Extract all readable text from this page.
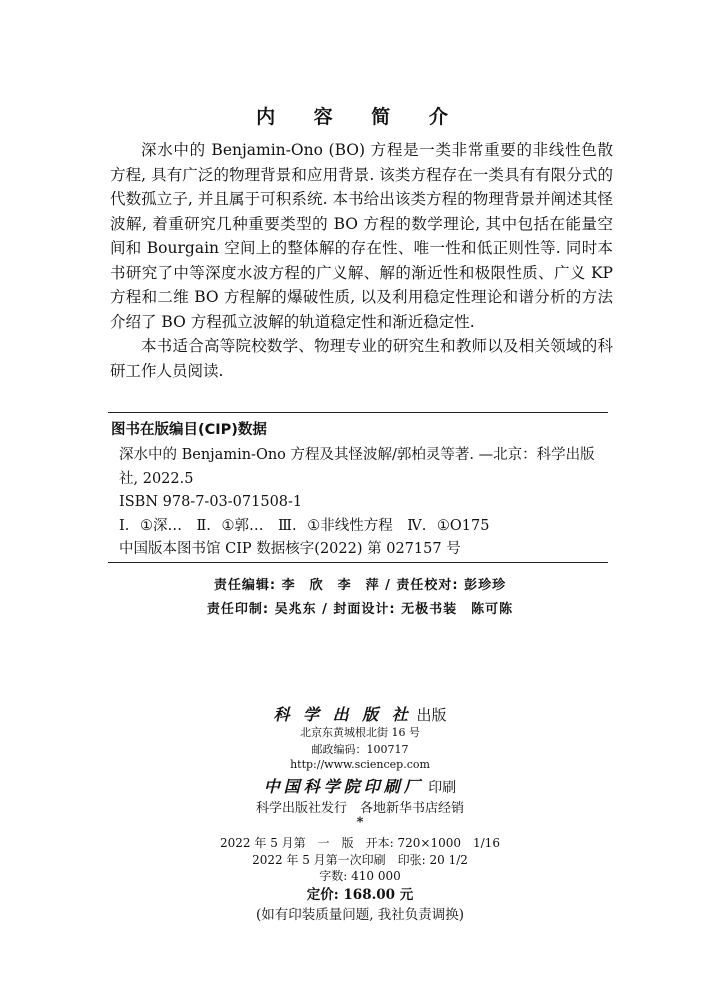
内 容 简 介

深水中的 Benjamin-Ono (BO) 方程是一类非常重要的非线性色散方程, 具有广泛的物理背景和应用背景. 该类方程存在一类具有有限分式的代数孤立子, 并且属于可积系统. 本书给出该类方程的物理背景并阐述其怪波解, 着重研究几种重要类型的 BO 方程的数学理论, 其中包括在能量空间和 Bourgain 空间上的整体解的存在性、唯一性和低正则性等. 同时本书研究了中等深度水波方程的广义解、解的渐近性和极限性质、广义 KP 方程和二维 BO 方程解的爆破性质, 以及利用稳定性理论和谱分析的方法介绍了 BO 方程孤立波解的轨道稳定性和渐近稳定性.

本书适合高等院校数学、物理专业的研究生和教师以及相关领域的科研工作人员阅读.

图书在版编目(CIP)数据
深水中的 Benjamin-Ono 方程及其怪波解/郭柏灵等著. —北京：科学出版社, 2022.5
ISBN 978-7-03-071508-1
Ⅰ. ①深…　Ⅱ. ①郭…　Ⅲ. ①非线性方程　Ⅳ. ①O175
中国版本图书馆 CIP 数据核字(2022) 第 027157 号
责任编辑: 李　欣　李　萍 / 责任校对: 彭珍珍
责任印制: 吴兆东 / 封面设计: 无极书装　陈可陈
科 学 出 版 社 出版
北京东黄城根北街 16 号
邮政编码：100717
http://www.sciencep.com
中国科学院印刷厂 印刷
科学出版社发行　各地新华书店经销
*
2022 年 5 月第　一　版　开本: 720×1000　1/16
2022 年 5 月第一次印刷　印张: 20 1/2
字数: 410 000
定价: 168.00 元
(如有印装质量问题, 我社负责调换)
